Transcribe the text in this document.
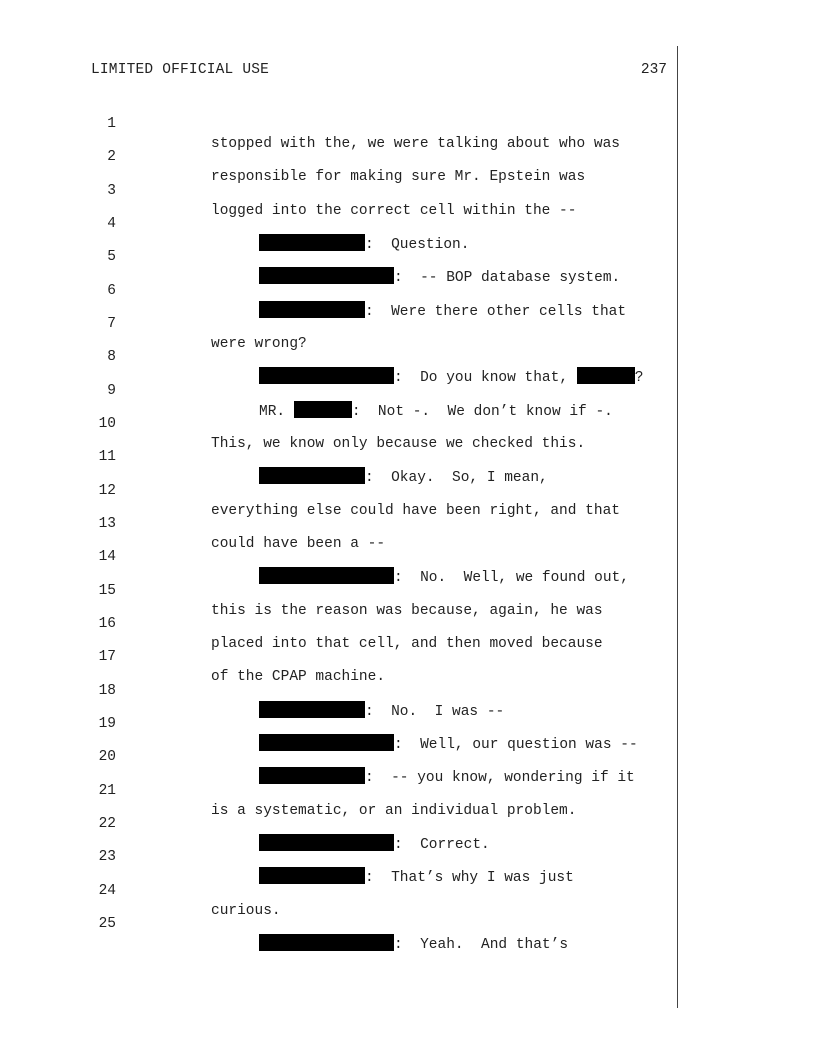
LIMITED OFFICIAL USE	237

1

stopped with the, we were talking about who was

2

responsible for making sure Mr. Epstein was

3

logged into the correct cell within the --

4

:  Question.

5

:  -- BOP database system.

6

:  Were there other cells that

7

were wrong?

8

:  Do you know that,	?

9

MR.	:  Not -.  We don’t know if -.

10

This, we know only because we checked this.

11

:  Okay.  So, I mean,

12

everything else could have been right, and that

13

could have been a --

14

:  No.  Well, we found out,

15

this is the reason was because, again, he was

16

placed into that cell, and then moved because

17

of the CPAP machine.

18

:  No.  I was --

19

:  Well, our question was --

20

:  -- you know, wondering if it

21

is a systematic, or an individual problem.

22

:  Correct.

23

:  That’s why I was just

24

curious.

25

:  Yeah.  And that’s
